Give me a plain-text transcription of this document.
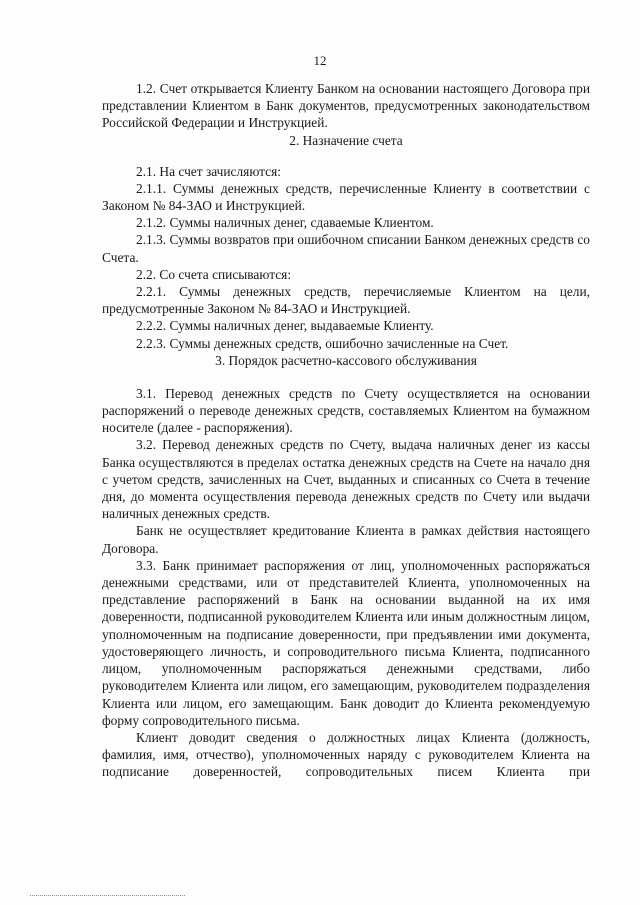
12

1.2. Счет открывается Клиенту Банком на основании настоящего Договора при представлении Клиентом в Банк документов, предусмотренных законодательством Российской Федерации и Инструкцией.

2. Назначение счета

2.1. На счет зачисляются:

2.1.1. Суммы денежных средств, перечисленные Клиенту в соответствии с Законом № 84-ЗАО и Инструкцией.

2.1.2. Суммы наличных денег, сдаваемые Клиентом.

2.1.3. Суммы возвратов при ошибочном списании Банком денежных средств со Счета.

2.2. Со счета списываются:

2.2.1. Суммы денежных средств, перечисляемые Клиентом на цели, предусмотренные Законом № 84-ЗАО и Инструкцией.

2.2.2. Суммы наличных денег, выдаваемые Клиенту.

2.2.3. Суммы денежных средств, ошибочно зачисленные на Счет.

3. Порядок расчетно-кассового обслуживания

3.1. Перевод денежных средств по Счету осуществляется на основании распоряжений о переводе денежных средств, составляемых Клиентом на бумажном носителе (далее - распоряжения).

3.2. Перевод денежных средств по Счету, выдача наличных денег из кассы Банка осуществляются в пределах остатка денежных средств на Счете на начало дня с учетом средств, зачисленных на Счет, выданных и списанных со Счета в течение дня, до момента осуществления перевода денежных средств по Счету или выдачи наличных денежных средств.

Банк не осуществляет кредитование Клиента в рамках действия настоящего Договора.

3.3. Банк принимает распоряжения от лиц, уполномоченных распоряжаться денежными средствами, или от представителей Клиента, уполномоченных на представление распоряжений в Банк на основании выданной на их имя доверенности, подписанной руководителем Клиента или иным должностным лицом, уполномоченным на подписание доверенности, при предъявлении ими документа, удостоверяющего личность, и сопроводительного письма Клиента, подписанного лицом, уполномоченным распоряжаться денежными средствами, либо руководителем Клиента или лицом, его замещающим, руководителем подразделения Клиента или лицом, его замещающим. Банк доводит до Клиента рекомендуемую форму сопроводительного письма.

Клиент доводит сведения о должностных лицах Клиента (должность, фамилия, имя, отчество), уполномоченных наряду с руководителем Клиента на подписание доверенностей, сопроводительных писем Клиента при
